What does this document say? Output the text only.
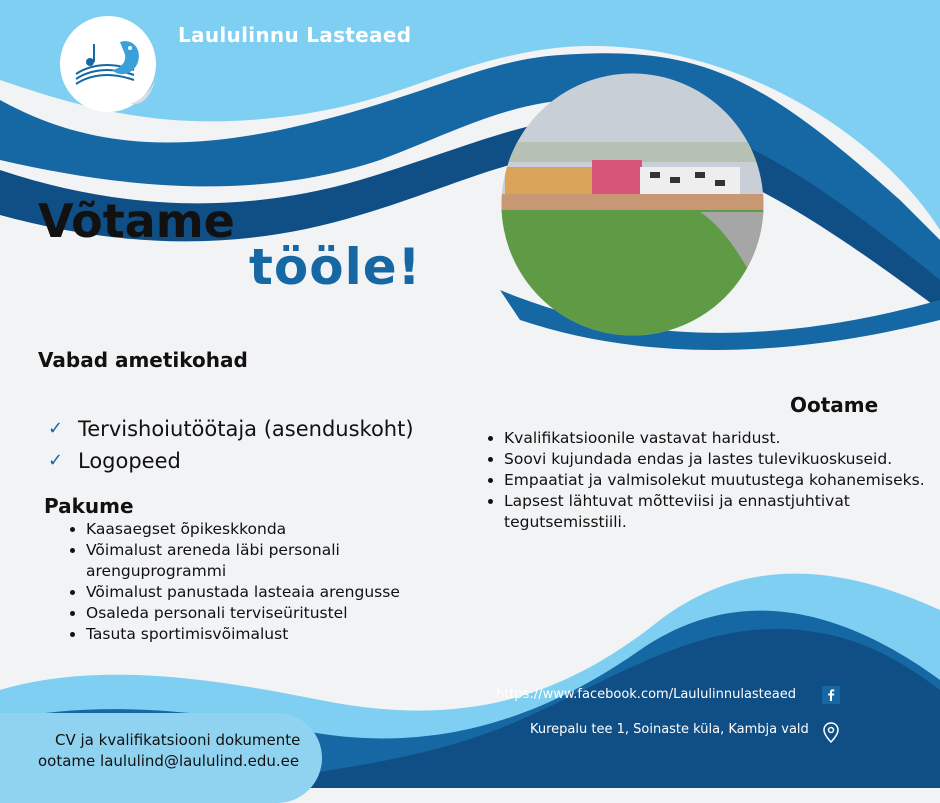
Laululinnu Lasteaed
Võtame
tööle!
Vabad ametikohad
✓ Tervishoiutöötaja (asenduskoht)
✓ Logopeed
Pakume
• Kaasaegset õpikeskkonda
• Võimalust areneda läbi personali arenguprogrammi
• Võimalust panustada lasteaia arengusse
• Osaleda personali terviseüritustel
• Tasuta sportimisvõimalust
Ootame
• Kvalifikatsioonile vastavat haridust.
• Soovi kujundada endas ja lastes tulevikuoskuseid.
• Empaatiat ja valmisolekut muutustega kohanemiseks.
• Lapsest lähtuvat mõtteviisi ja ennastjuhtivat tegutsemisstiili.
https://www.facebook.com/Laululinnulasteaed
Kurepalu tee 1, Soinaste küla, Kambja vald
CV ja kvalifikatsiooni dokumente
ootame laululind@laululind.edu.ee
